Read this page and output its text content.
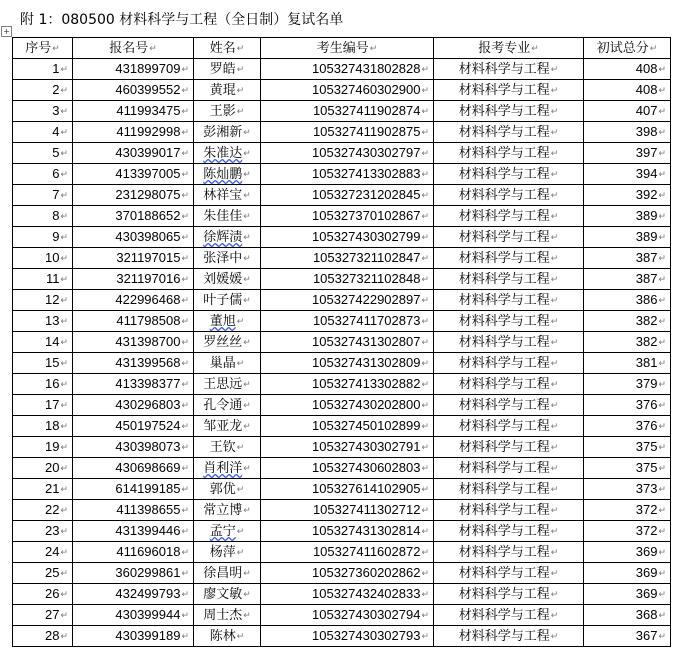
+
附 1：080500 材料科学与工程（全日制）复试名单
序号↵	报名号↵	姓名↵	考生编号↵	报考专业↵	初试总分↵
1↵	431899709↵	罗皓↵	105327431802828↵	材料科学与工程↵	408↵
2↵	460399552↵	黄琨↵	105327460302900↵	材料科学与工程↵	408↵
3↵	411993475↵	王影↵	105327411902874↵	材料科学与工程↵	407↵
4↵	411992998↵	彭湘新↵	105327411902875↵	材料科学与工程↵	398↵
5↵	430399017↵	朱准达↵	105327430302797↵	材料科学与工程↵	397↵
6↵	413397005↵	陈灿鹏↵	105327413302883↵	材料科学与工程↵	394↵
7↵	231298075↵	林祥宝↵	105327231202845↵	材料科学与工程↵	392↵
8↵	370188652↵	朱佳佳↵	105327370102867↵	材料科学与工程↵	389↵
9↵	430398065↵	徐辉渍↵	105327430302799↵	材料科学与工程↵	389↵
10↵	321197015↵	张泽中↵	105327321102847↵	材料科学与工程↵	387↵
11↵	321197016↵	刘媛媛↵	105327321102848↵	材料科学与工程↵	387↵
12↵	422996468↵	叶子儒↵	105327422902897↵	材料科学与工程↵	386↵
13↵	411798508↵	董旭↵	105327411702873↵	材料科学与工程↵	382↵
14↵	431398700↵	罗丝丝↵	105327431302807↵	材料科学与工程↵	382↵
15↵	431399568↵	巢晶↵	105327431302809↵	材料科学与工程↵	381↵
16↵	413398377↵	王思远↵	105327413302882↵	材料科学与工程↵	379↵
17↵	430296803↵	孔令通↵	105327430202800↵	材料科学与工程↵	376↵
18↵	450197524↵	邹亚龙↵	105327450102899↵	材料科学与工程↵	376↵
19↵	430398073↵	王钦↵	105327430302791↵	材料科学与工程↵	375↵
20↵	430698669↵	肖利洋↵	105327430602803↵	材料科学与工程↵	375↵
21↵	614199185↵	郭优↵	105327614102905↵	材料科学与工程↵	373↵
22↵	411398655↵	常立博↵	105327411302712↵	材料科学与工程↵	372↵
23↵	431399446↵	孟宁↵	105327431302814↵	材料科学与工程↵	372↵
24↵	411696018↵	杨萍↵	105327411602872↵	材料科学与工程↵	369↵
25↵	360299861↵	徐昌明↵	105327360202862↵	材料科学与工程↵	369↵
26↵	432499793↵	廖文敏↵	105327432402833↵	材料科学与工程↵	369↵
27↵	430399944↵	周士杰↵	105327430302794↵	材料科学与工程↵	368↵
28↵	430399189↵	陈林↵	105327430302793↵	材料科学与工程↵	367↵
